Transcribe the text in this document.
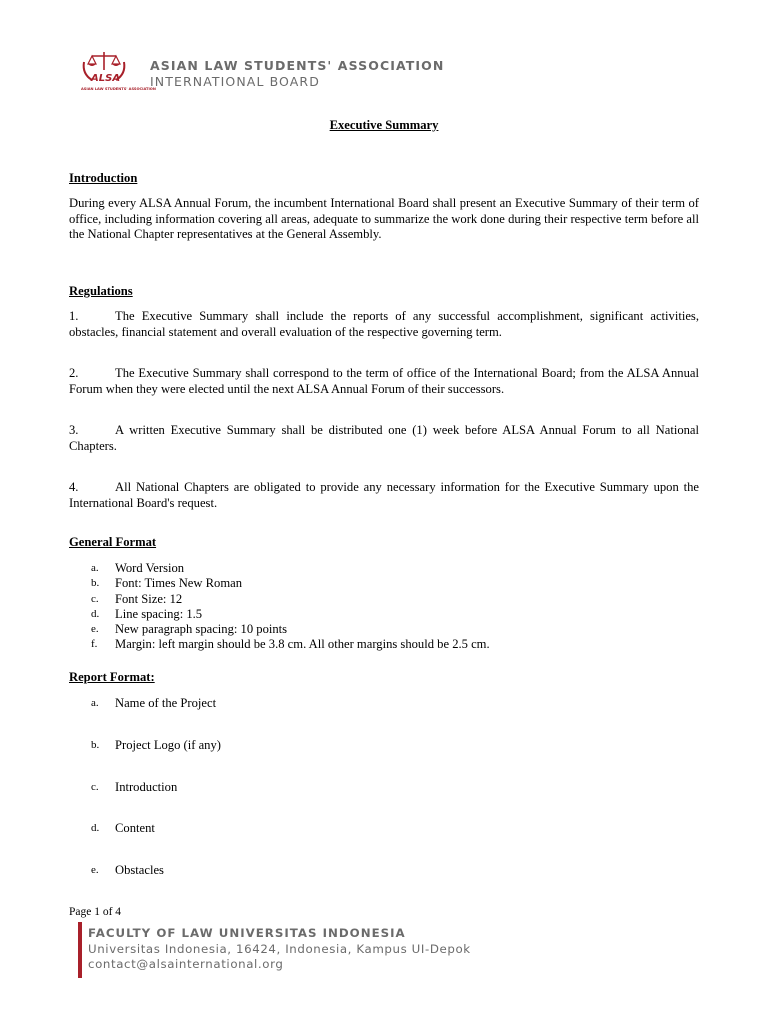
ALSA
ASIAN LAW STUDENTS' ASSOCIATION
ASIAN LAW STUDENTS' ASSOCIATION
INTERNATIONAL BOARD
Executive Summary
Introduction
During every ALSA Annual Forum, the incumbent International Board shall present an Executive Summary of their term of office, including information covering all areas, adequate to summarize the work done during their respective term before all the National Chapter representatives at the General Assembly.
Regulations
1.	The Executive Summary shall include the reports of any successful accomplishment, significant activities, obstacles, financial statement and overall evaluation of the respective governing term.
2.	The Executive Summary shall correspond to the term of office of the International Board; from the ALSA Annual Forum when they were elected until the next ALSA Annual Forum of their successors.
3.	A written Executive Summary shall be distributed one (1) week before ALSA Annual Forum to all National Chapters.
4.	All National Chapters are obligated to provide any necessary information for the Executive Summary upon the International Board's request.
General Format
a. Word Version
b. Font: Times New Roman
c. Font Size: 12
d. Line spacing: 1.5
e. New paragraph spacing: 10 points
f. Margin: left margin should be 3.8 cm. All other margins should be 2.5 cm.
Report Format:
a. Name of the Project
b. Project Logo (if any)
c. Introduction
d. Content
e. Obstacles
Page 1 of 4
FACULTY OF LAW UNIVERSITAS INDONESIA
Universitas Indonesia, 16424, Indonesia, Kampus UI-Depok
contact@alsainternational.org
